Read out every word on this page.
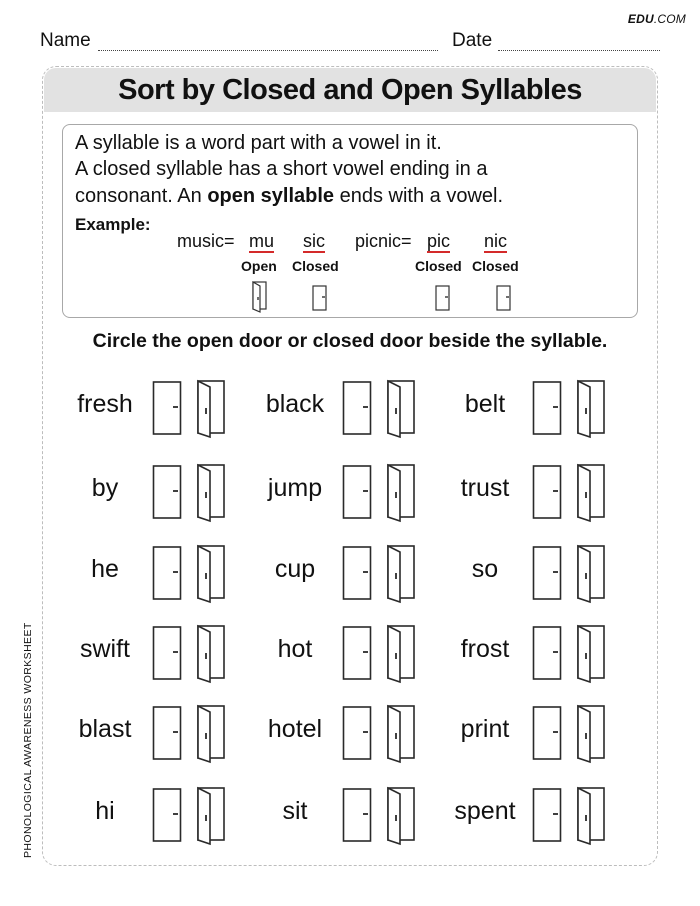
EDU.COM
Name	Date
PHONOLOGICAL AWARENESS WORKSHEET
Sort by Closed and Open Syllables
A syllable is a word part with a vowel in it.
A closed syllable has a short vowel ending in a
consonant. An open syllable ends with a vowel.
Example:
music= mu sic
Open Closed
picnic= pic nic
Closed Closed
Circle the open door or closed door beside the syllable.
fresh	black	belt
by	jump	trust
he	cup	so
swift	hot	frost
blast	hotel	print
hi	sit	spent
